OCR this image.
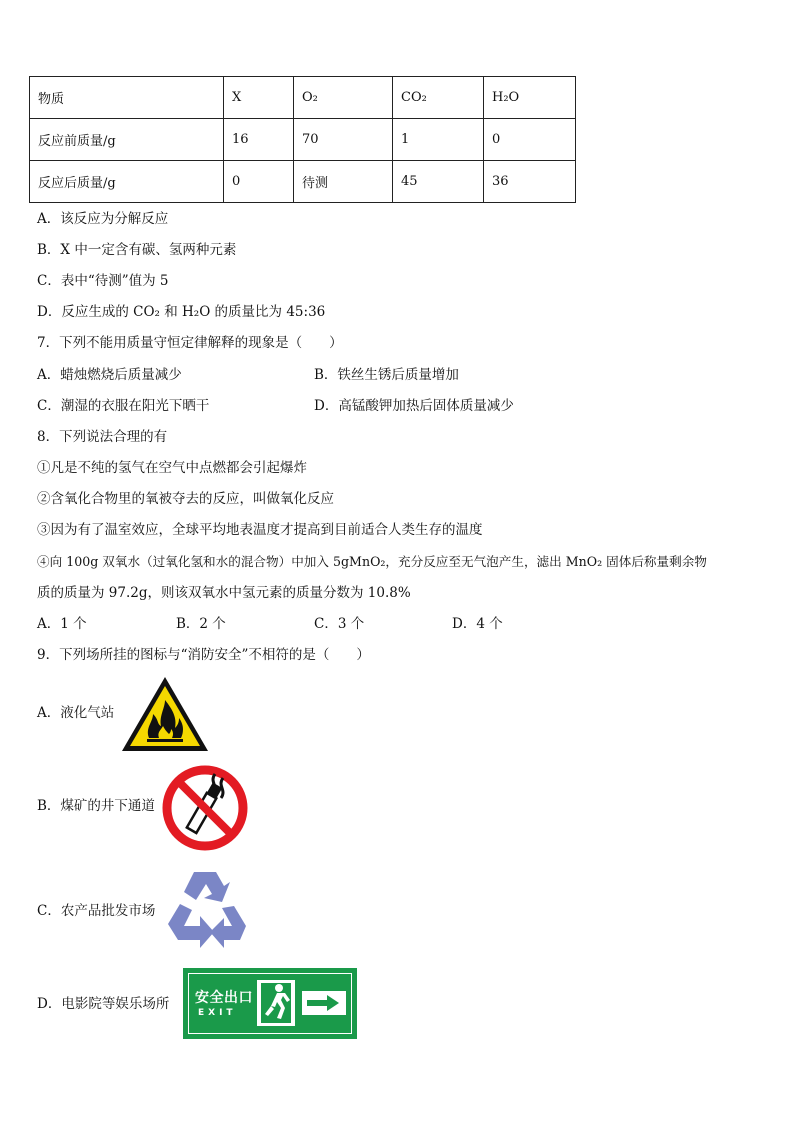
物质	X	O₂	CO₂	H₂O
反应前质量/g	16	70	1	0
反应后质量/g	0	待测	45	36
A．该反应为分解反应
B．X 中一定含有碳、氢两种元素
C．表中“待测”值为 5
D．反应生成的 CO₂ 和 H₂O 的质量比为 45:36
7．下列不能用质量守恒定律解释的现象是（　　）
A．蜡烛燃烧后质量减少	B．铁丝生锈后质量增加
C．潮湿的衣服在阳光下晒干	D．高锰酸钾加热后固体质量减少
8．下列说法合理的有
①凡是不纯的氢气在空气中点燃都会引起爆炸
②含氧化合物里的氧被夺去的反应，叫做氧化反应
③因为有了温室效应，全球平均地表温度才提高到目前适合人类生存的温度
④向 100g 双氧水（过氧化氢和水的混合物）中加入 5gMnO₂，充分反应至无气泡产生，滤出 MnO₂ 固体后称量剩余物
质的质量为 97.2g，则该双氧水中氢元素的质量分数为 10.8%
A．1 个	B．2 个	C．3 个	D．4 个
9．下列场所挂的图标与“消防安全”不相符的是（　　）
A．液化气站
B．煤矿的井下通道
C．农产品批发市场
D．电影院等娱乐场所 安全出口
EXIT
